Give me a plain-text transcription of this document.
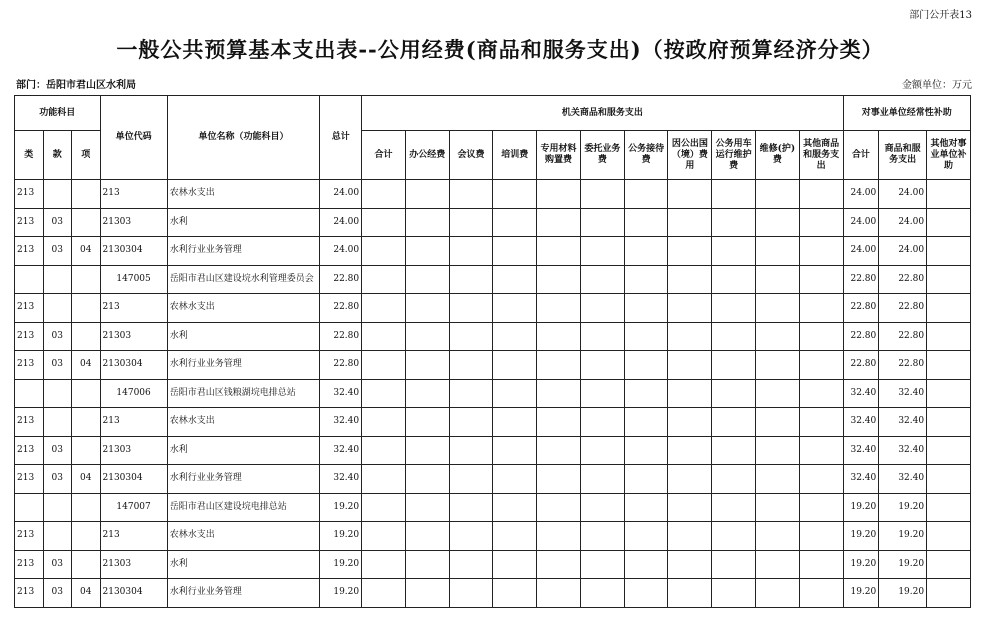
部门公开表13
一般公共预算基本支出表--公用经费(商品和服务支出)（按政府预算经济分类）
部门：岳阳市君山区水利局	金额单位：万元
功能科目			单位代码	单位名称（功能科目）	总计	机关商品和服务支出											对事业单位经常性补助		
类	款	项				合计	办公经费	会议费	培训费	专用材料购置费	委托业务费	公务接待费	因公出国（境）费用	公务用车运行维护费	维修(护)费	其他商品和服务支出	合计	商品和服务支出	其他对事业单位补助
213			213	农林水支出	24.00												24.00	24.00	
213	03		21303	水利	24.00												24.00	24.00	
213	03	04	2130304	水利行业业务管理	24.00												24.00	24.00	
			147005	岳阳市君山区建设垸水利管理委员会	22.80												22.80	22.80	
213			213	农林水支出	22.80												22.80	22.80	
213	03		21303	水利	22.80												22.80	22.80	
213	03	04	2130304	水利行业业务管理	22.80												22.80	22.80	
			147006	岳阳市君山区钱粮湖垸电排总站	32.40												32.40	32.40	
213			213	农林水支出	32.40												32.40	32.40	
213	03		21303	水利	32.40												32.40	32.40	
213	03	04	2130304	水利行业业务管理	32.40												32.40	32.40	
			147007	岳阳市君山区建设垸电排总站	19.20												19.20	19.20	
213			213	农林水支出	19.20												19.20	19.20	
213	03		21303	水利	19.20												19.20	19.20	
213	03	04	2130304	水利行业业务管理	19.20												19.20	19.20	
